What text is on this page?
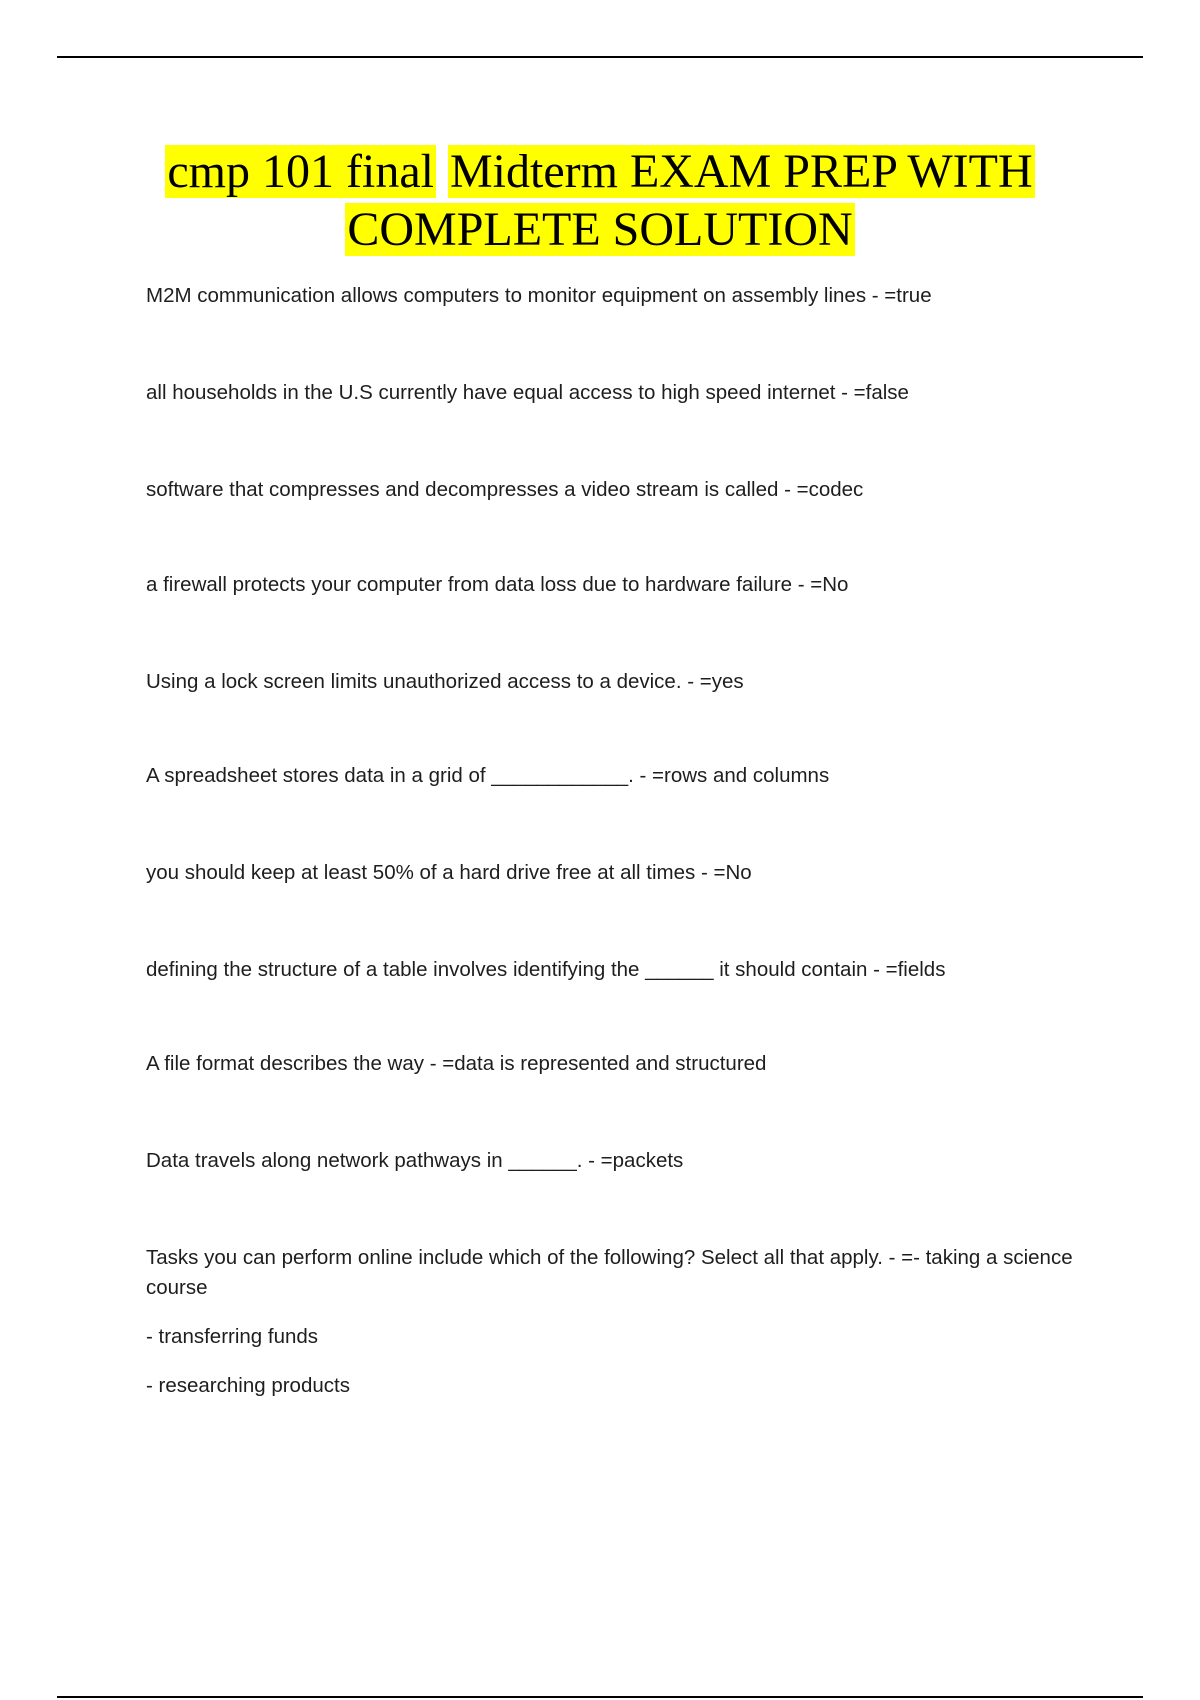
cmp 101 final Midterm EXAM PREP WITH
COMPLETE SOLUTION

M2M communication allows computers to monitor equipment on assembly lines - =true

all households in the U.S currently have equal access to high speed internet - =false

software that compresses and decompresses a video stream is called - =codec

a firewall protects your computer from data loss due to hardware failure - =No

Using a lock screen limits unauthorized access to a device. - =yes

A spreadsheet stores data in a grid of ____________. - =rows and columns

you should keep at least 50% of a hard drive free at all times - =No

defining the structure of a table involves identifying the ______ it should contain - =fields

A file format describes the way - =data is represented and structured

Data travels along network pathways in ______. - =packets

Tasks you can perform online include which of the following? Select all that apply. - =- taking a science course

- transferring funds

- researching products
